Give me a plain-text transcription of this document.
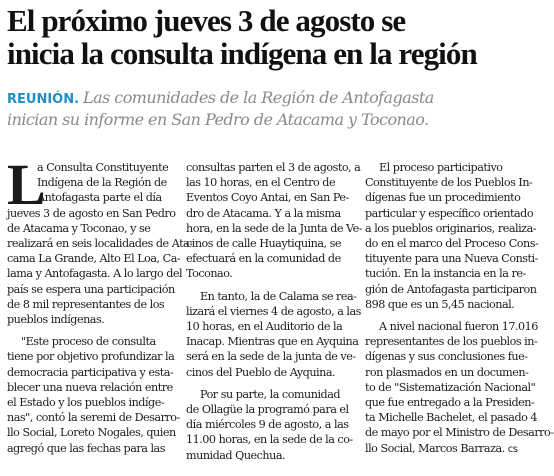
El próximo jueves 3 de agosto se
inicia la consulta indígena en la región
REUNIÓN. Las comunidades de la Región de Antofagasta
inician su informe en San Pedro de Atacama y Toconao.
L
a Consulta Constituyente
Indígena de la Región de
Antofagasta parte el día
jueves 3 de agosto en San Pedro
de Atacama y Toconao, y se
realizará en seis localidades de Ata-
cama La Grande, Alto El Loa, Ca-
lama y Antofagasta. A lo largo del
país se espera una participación
de 8 mil representantes de los
pueblos indígenas.
"Este proceso de consulta
tiene por objetivo profundizar la
democracia participativa y esta-
blecer una nueva relación entre
el Estado y los pueblos indíge-
nas", contó la seremi de Desarro-
llo Social, Loreto Nogales, quien
agregó que las fechas para las
consultas parten el 3 de agosto, a
las 10 horas, en el Centro de
Eventos Coyo Antai, en San Pe-
dro de Atacama. Y a la misma
hora, en la sede de la Junta de Ve-
cinos de calle Huaytiquina, se
efectuará en la comunidad de
Toconao.
En tanto, la de Calama se rea-
lizará el viernes 4 de agosto, a las
10 horas, en el Auditorio de la
Inacap. Mientras que en Ayquina
será en la sede de la junta de ve-
cinos del Pueblo de Ayquina.
Por su parte, la comunidad
de Ollagüe la programó para el
día miércoles 9 de agosto, a las
11.00 horas, en la sede de la co-
munidad Quechua.
El proceso participativo
Constituyente de los Pueblos In-
dígenas fue un procedimiento
particular y específico orientado
a los pueblos originarios, realiza-
do en el marco del Proceso Cons-
tituyente para una Nueva Consti-
tución. En la instancia en la re-
gión de Antofagasta participaron
898 que es un 5,45 nacional.
A nivel nacional fueron 17.016
representantes de los pueblos in-
dígenas y sus conclusiones fue-
ron plasmados en un documen-
to de "Sistematización Nacional"
que fue entregado a la Presiden-
ta Michelle Bachelet, el pasado 4
de mayo por el Ministro de Desarro-
llo Social, Marcos Barraza. cs
